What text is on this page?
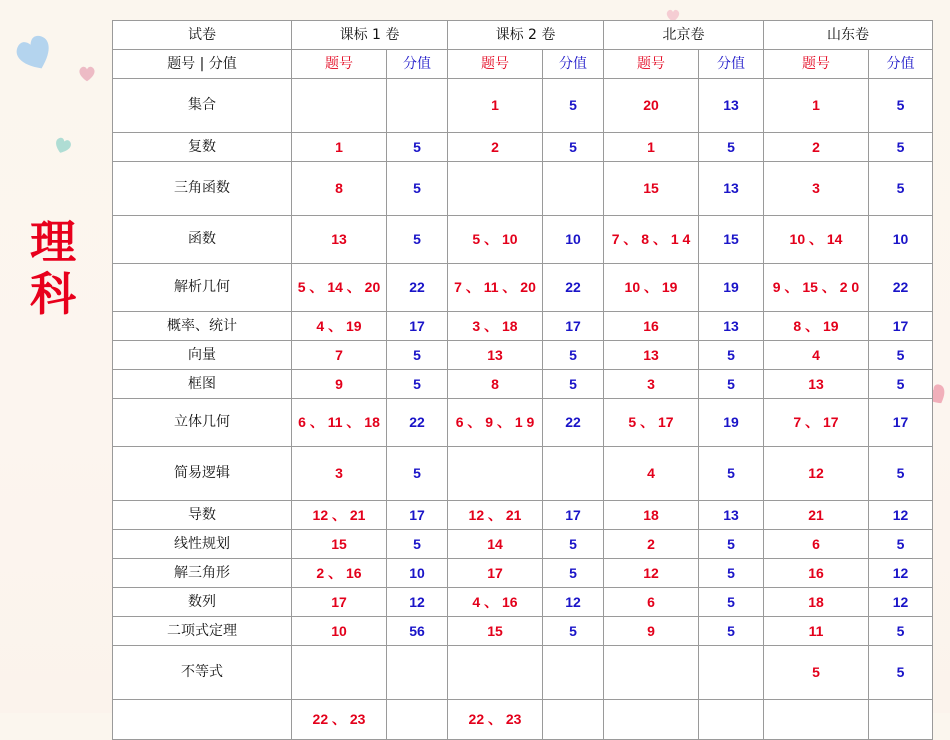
理
科
试卷	课标 1 卷		课标 2 卷		北京卷		山东卷	
题号 | 分值	题号	分值	题号	分值	题号	分值	题号	分值
集合			1	5	20	13	1	5
复数	1	5	2	5	1	5	2	5
三角函数	8	5			15	13	3	5
函数	13	5	5 、 10	10	7 、 8 、 1 4	15	10 、 14	10
解析几何	5 、 14 、 20	22	7 、 11 、 20	22	10 、 19	19	9 、 15 、 2 0	22
概率、统计	4 、 19	17	3 、 18	17	16	13	8 、 19	17
向量	7	5	13	5	13	5	4	5
框图	9	5	8	5	3	5	13	5
立体几何	6 、 11 、 18	22	6 、 9 、 1 9	22	5 、 17	19	7 、 17	17
简易逻辑	3	5			4	5	12	5
导数	12 、 21	17	12 、 21	17	18	13	21	12
线性规划	15	5	14	5	2	5	6	5
解三角形	2 、 16	10	17	5	12	5	16	12
数列	17	12	4 、 16	12	6	5	18	12
二项式定理	10	56	15	5	9	5	11	5
不等式							5	5
	22 、 23		22 、 23					
